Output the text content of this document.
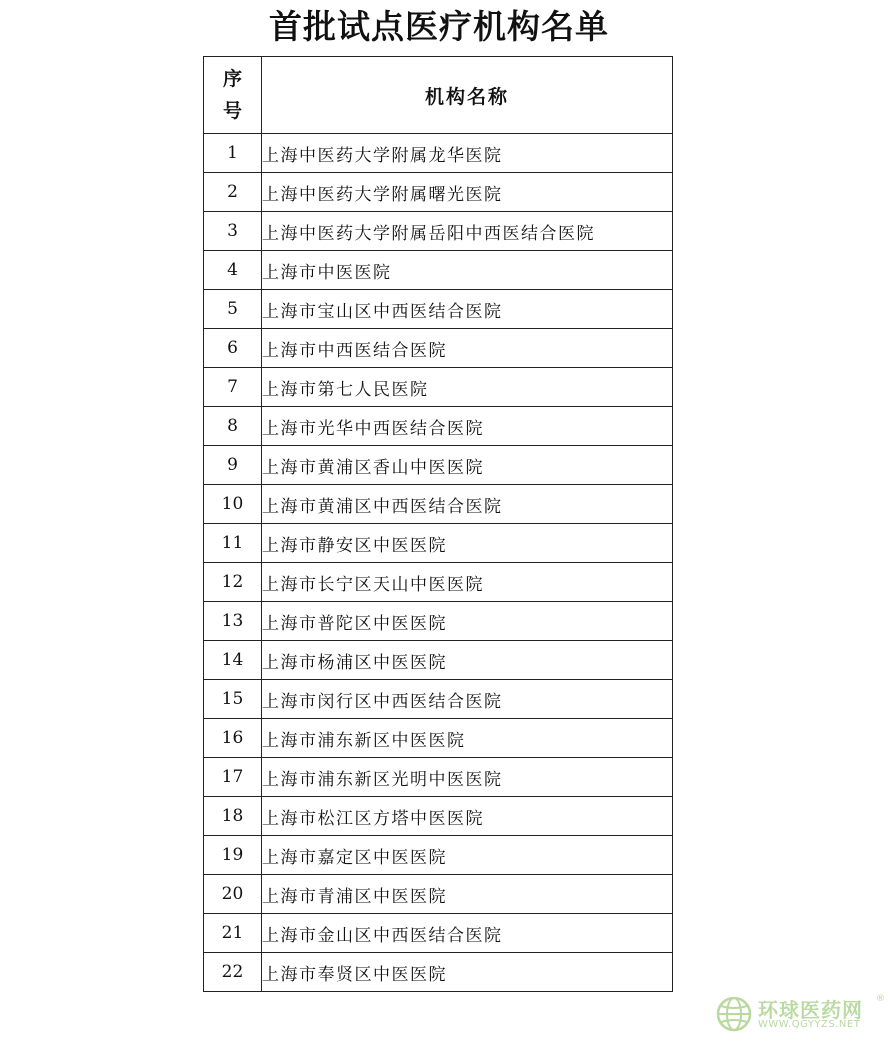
首批试点医疗机构名单
序
号	机构名称
1	上海中医药大学附属龙华医院
2	上海中医药大学附属曙光医院
3	上海中医药大学附属岳阳中西医结合医院
4	上海市中医医院
5	上海市宝山区中西医结合医院
6	上海市中西医结合医院
7	上海市第七人民医院
8	上海市光华中西医结合医院
9	上海市黄浦区香山中医医院
10	上海市黄浦区中西医结合医院
11	上海市静安区中医医院
12	上海市长宁区天山中医医院
13	上海市普陀区中医医院
14	上海市杨浦区中医医院
15	上海市闵行区中西医结合医院
16	上海市浦东新区中医医院
17	上海市浦东新区光明中医医院
18	上海市松江区方塔中医医院
19	上海市嘉定区中医医院
20	上海市青浦区中医医院
21	上海市金山区中西医结合医院
22	上海市奉贤区中医医院
环球医药网 ®
WWW.QGYYZS.NET
